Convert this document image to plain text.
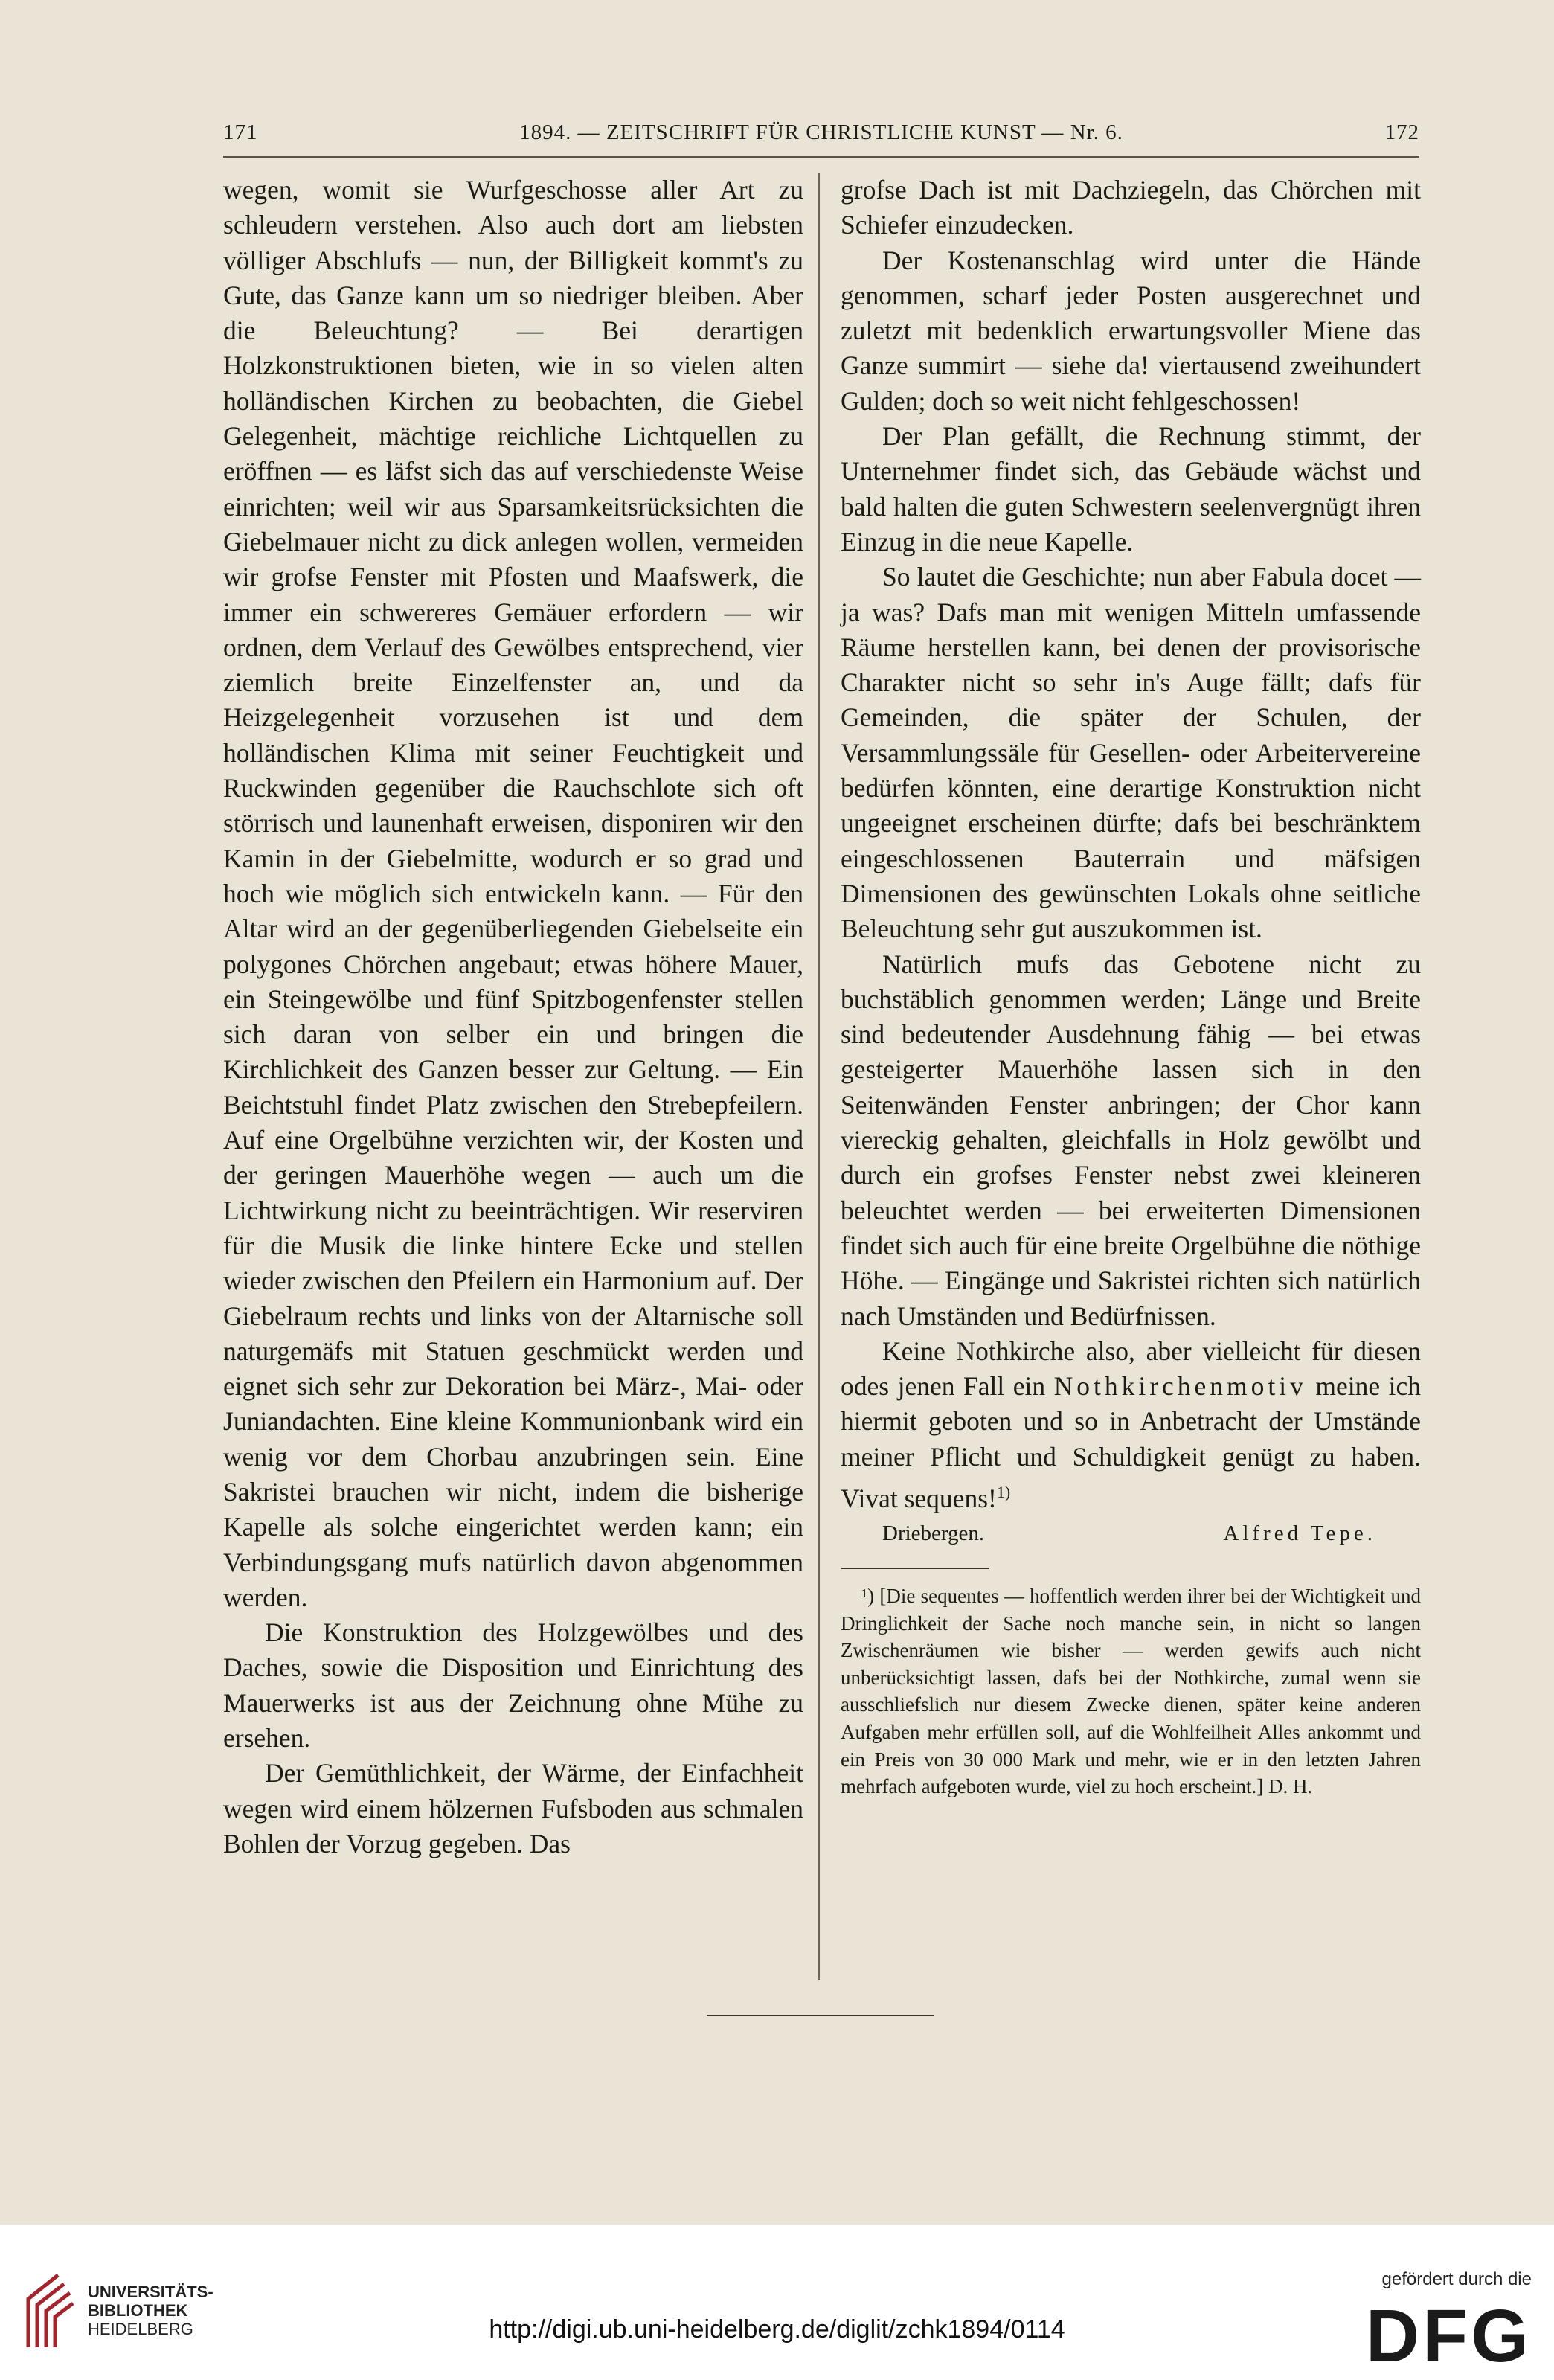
171	1894. — ZEITSCHRIFT FÜR CHRISTLICHE KUNST — Nr. 6.	172

wegen, womit sie Wurfgeschosse aller Art zu schleudern verstehen. Also auch dort am liebsten völliger Abschlufs — nun, der Billigkeit kommt's zu Gute, das Ganze kann um so niedriger bleiben. Aber die Beleuchtung? — Bei derartigen Holzkonstruktionen bieten, wie in so vielen alten holländischen Kirchen zu beobachten, die Giebel Gelegenheit, mächtige reichliche Lichtquellen zu eröffnen — es läfst sich das auf verschiedenste Weise einrichten; weil wir aus Sparsamkeitsrücksichten die Giebelmauer nicht zu dick anlegen wollen, vermeiden wir grofse Fenster mit Pfosten und Maafswerk, die immer ein schwereres Gemäuer erfordern — wir ordnen, dem Verlauf des Gewölbes entsprechend, vier ziemlich breite Einzelfenster an, und da Heizgelegenheit vorzusehen ist und dem holländischen Klima mit seiner Feuchtigkeit und Ruckwinden gegenüber die Rauchschlote sich oft störrisch und launenhaft erweisen, disponiren wir den Kamin in der Giebelmitte, wodurch er so grad und hoch wie möglich sich entwickeln kann. — Für den Altar wird an der gegenüberliegenden Giebelseite ein polygones Chörchen angebaut; etwas höhere Mauer, ein Steingewölbe und fünf Spitzbogenfenster stellen sich daran von selber ein und bringen die Kirchlichkeit des Ganzen besser zur Geltung. — Ein Beichtstuhl findet Platz zwischen den Strebepfeilern. Auf eine Orgelbühne verzichten wir, der Kosten und der geringen Mauerhöhe wegen — auch um die Lichtwirkung nicht zu beeinträchtigen. Wir reserviren für die Musik die linke hintere Ecke und stellen wieder zwischen den Pfeilern ein Harmonium auf. Der Giebelraum rechts und links von der Altarnische soll naturgemäfs mit Statuen geschmückt werden und eignet sich sehr zur Dekoration bei März-, Mai- oder Juniandachten. Eine kleine Kommunionbank wird ein wenig vor dem Chorbau anzubringen sein. Eine Sakristei brauchen wir nicht, indem die bisherige Kapelle als solche eingerichtet werden kann; ein Verbindungsgang mufs natürlich davon abgenommen werden.

Die Konstruktion des Holzgewölbes und des Daches, sowie die Disposition und Einrichtung des Mauerwerks ist aus der Zeichnung ohne Mühe zu ersehen.

Der Gemüthlichkeit, der Wärme, der Einfachheit wegen wird einem hölzernen Fufsboden aus schmalen Bohlen der Vorzug gegeben. Das

grofse Dach ist mit Dachziegeln, das Chörchen mit Schiefer einzudecken.

Der Kostenanschlag wird unter die Hände genommen, scharf jeder Posten ausgerechnet und zuletzt mit bedenklich erwartungsvoller Miene das Ganze summirt — siehe da! viertausend zweihundert Gulden; doch so weit nicht fehlgeschossen!

Der Plan gefällt, die Rechnung stimmt, der Unternehmer findet sich, das Gebäude wächst und bald halten die guten Schwestern seelenvergnügt ihren Einzug in die neue Kapelle.

So lautet die Geschichte; nun aber Fabula docet — ja was? Dafs man mit wenigen Mitteln umfassende Räume herstellen kann, bei denen der provisorische Charakter nicht so sehr in's Auge fällt; dafs für Gemeinden, die später der Schulen, der Versammlungssäle für Gesellen- oder Arbeitervereine bedürfen könnten, eine derartige Konstruktion nicht ungeeignet erscheinen dürfte; dafs bei beschränktem eingeschlossenen Bauterrain und mäfsigen Dimensionen des gewünschten Lokals ohne seitliche Beleuchtung sehr gut auszukommen ist.

Natürlich mufs das Gebotene nicht zu buchstäblich genommen werden; Länge und Breite sind bedeutender Ausdehnung fähig — bei etwas gesteigerter Mauerhöhe lassen sich in den Seitenwänden Fenster anbringen; der Chor kann viereckig gehalten, gleichfalls in Holz gewölbt und durch ein grofses Fenster nebst zwei kleineren beleuchtet werden — bei erweiterten Dimensionen findet sich auch für eine breite Orgelbühne die nöthige Höhe. — Eingänge und Sakristei richten sich natürlich nach Umständen und Bedürfnissen.

Keine Nothkirche also, aber vielleicht für diesen odes jenen Fall ein Nothkirchenmotiv meine ich hiermit geboten und so in Anbetracht der Umstände meiner Pflicht und Schuldigkeit genügt zu haben. Vivat sequens!$^{1)}$

Driebergen.	Alfred Tepe.
¹) [Die sequentes — hoffentlich werden ihrer bei der Wichtigkeit und Dringlichkeit der Sache noch manche sein, in nicht so langen Zwischenräumen wie bisher — werden gewifs auch nicht unberücksichtigt lassen, dafs bei der Nothkirche, zumal wenn sie ausschliefslich nur diesem Zwecke dienen, später keine anderen Aufgaben mehr erfüllen soll, auf die Wohlfeilheit Alles ankommt und ein Preis von 30 000 Mark und mehr, wie er in den letzten Jahren mehrfach aufgeboten wurde, viel zu hoch erscheint.] D. H.
UNIVERSITÄTS-
BIBLIOTHEK
HEIDELBERG	http://digi.ub.uni-heidelberg.de/diglit/zchk1894/0114
gefördert durch die
DFG
